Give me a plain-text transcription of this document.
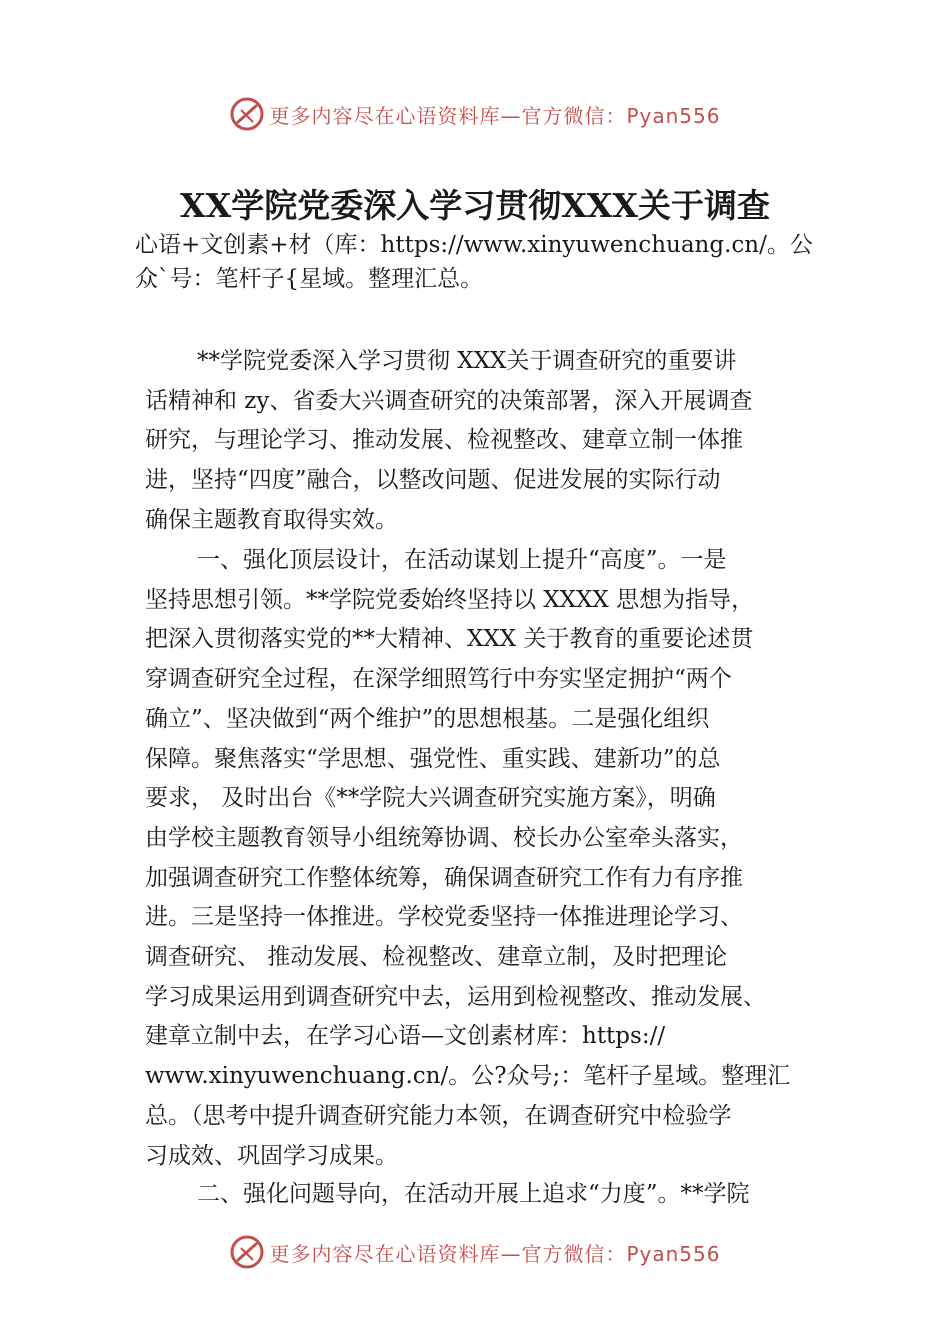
更多内容尽在心语资料库—官方微信：Pyan556
XX学院党委深入学习贯彻XXX关于调查

心语+文创素+材（库：https://www.xinyuwenchuang.cn/。公
众`号：笔杆子{星域。整理汇总。

**学院党委深入学习贯彻 XXX关于调查研究的重要讲
话精神和 zy、省委大兴调查研究的决策部署，深入开展调查
研究，与理论学习、推动发展、检视整改、建章立制一体推
进，坚持“四度”融合，以整改问题、促进发展的实际行动
确保主题教育取得实效。

一、强化顶层设计，在活动谋划上提升“高度”。一是
坚持思想引领。**学院党委始终坚持以 XXXX 思想为指导，
把深入贯彻落实党的**大精神、XXX 关于教育的重要论述贯
穿调查研究全过程，在深学细照笃行中夯实坚定拥护“两个
确立”、坚决做到“两个维护”的思想根基。二是强化组织
保障。聚焦落实“学思想、强党性、重实践、建新功”的总
要求， 及时出台《**学院大兴调查研究实施方案》，明确
由学校主题教育领导小组统筹协调、校长办公室牵头落实，
加强调查研究工作整体统筹，确保调查研究工作有力有序推
进。三是坚持一体推进。学校党委坚持一体推进理论学习、
调查研究、 推动发展、检视整改、建章立制，及时把理论
学习成果运用到调查研究中去，运用到检视整改、推动发展、
建章立制中去，在学习心语—文创素材库：https://
www.xinyuwenchuang.cn/。公?众号;：笔杆子星域。整理汇
总。（思考中提升调查研究能力本领，在调查研究中检验学
习成效、巩固学习成果。

二、强化问题导向，在活动开展上追求“力度”。**学院

更多内容尽在心语资料库—官方微信：Pyan556
